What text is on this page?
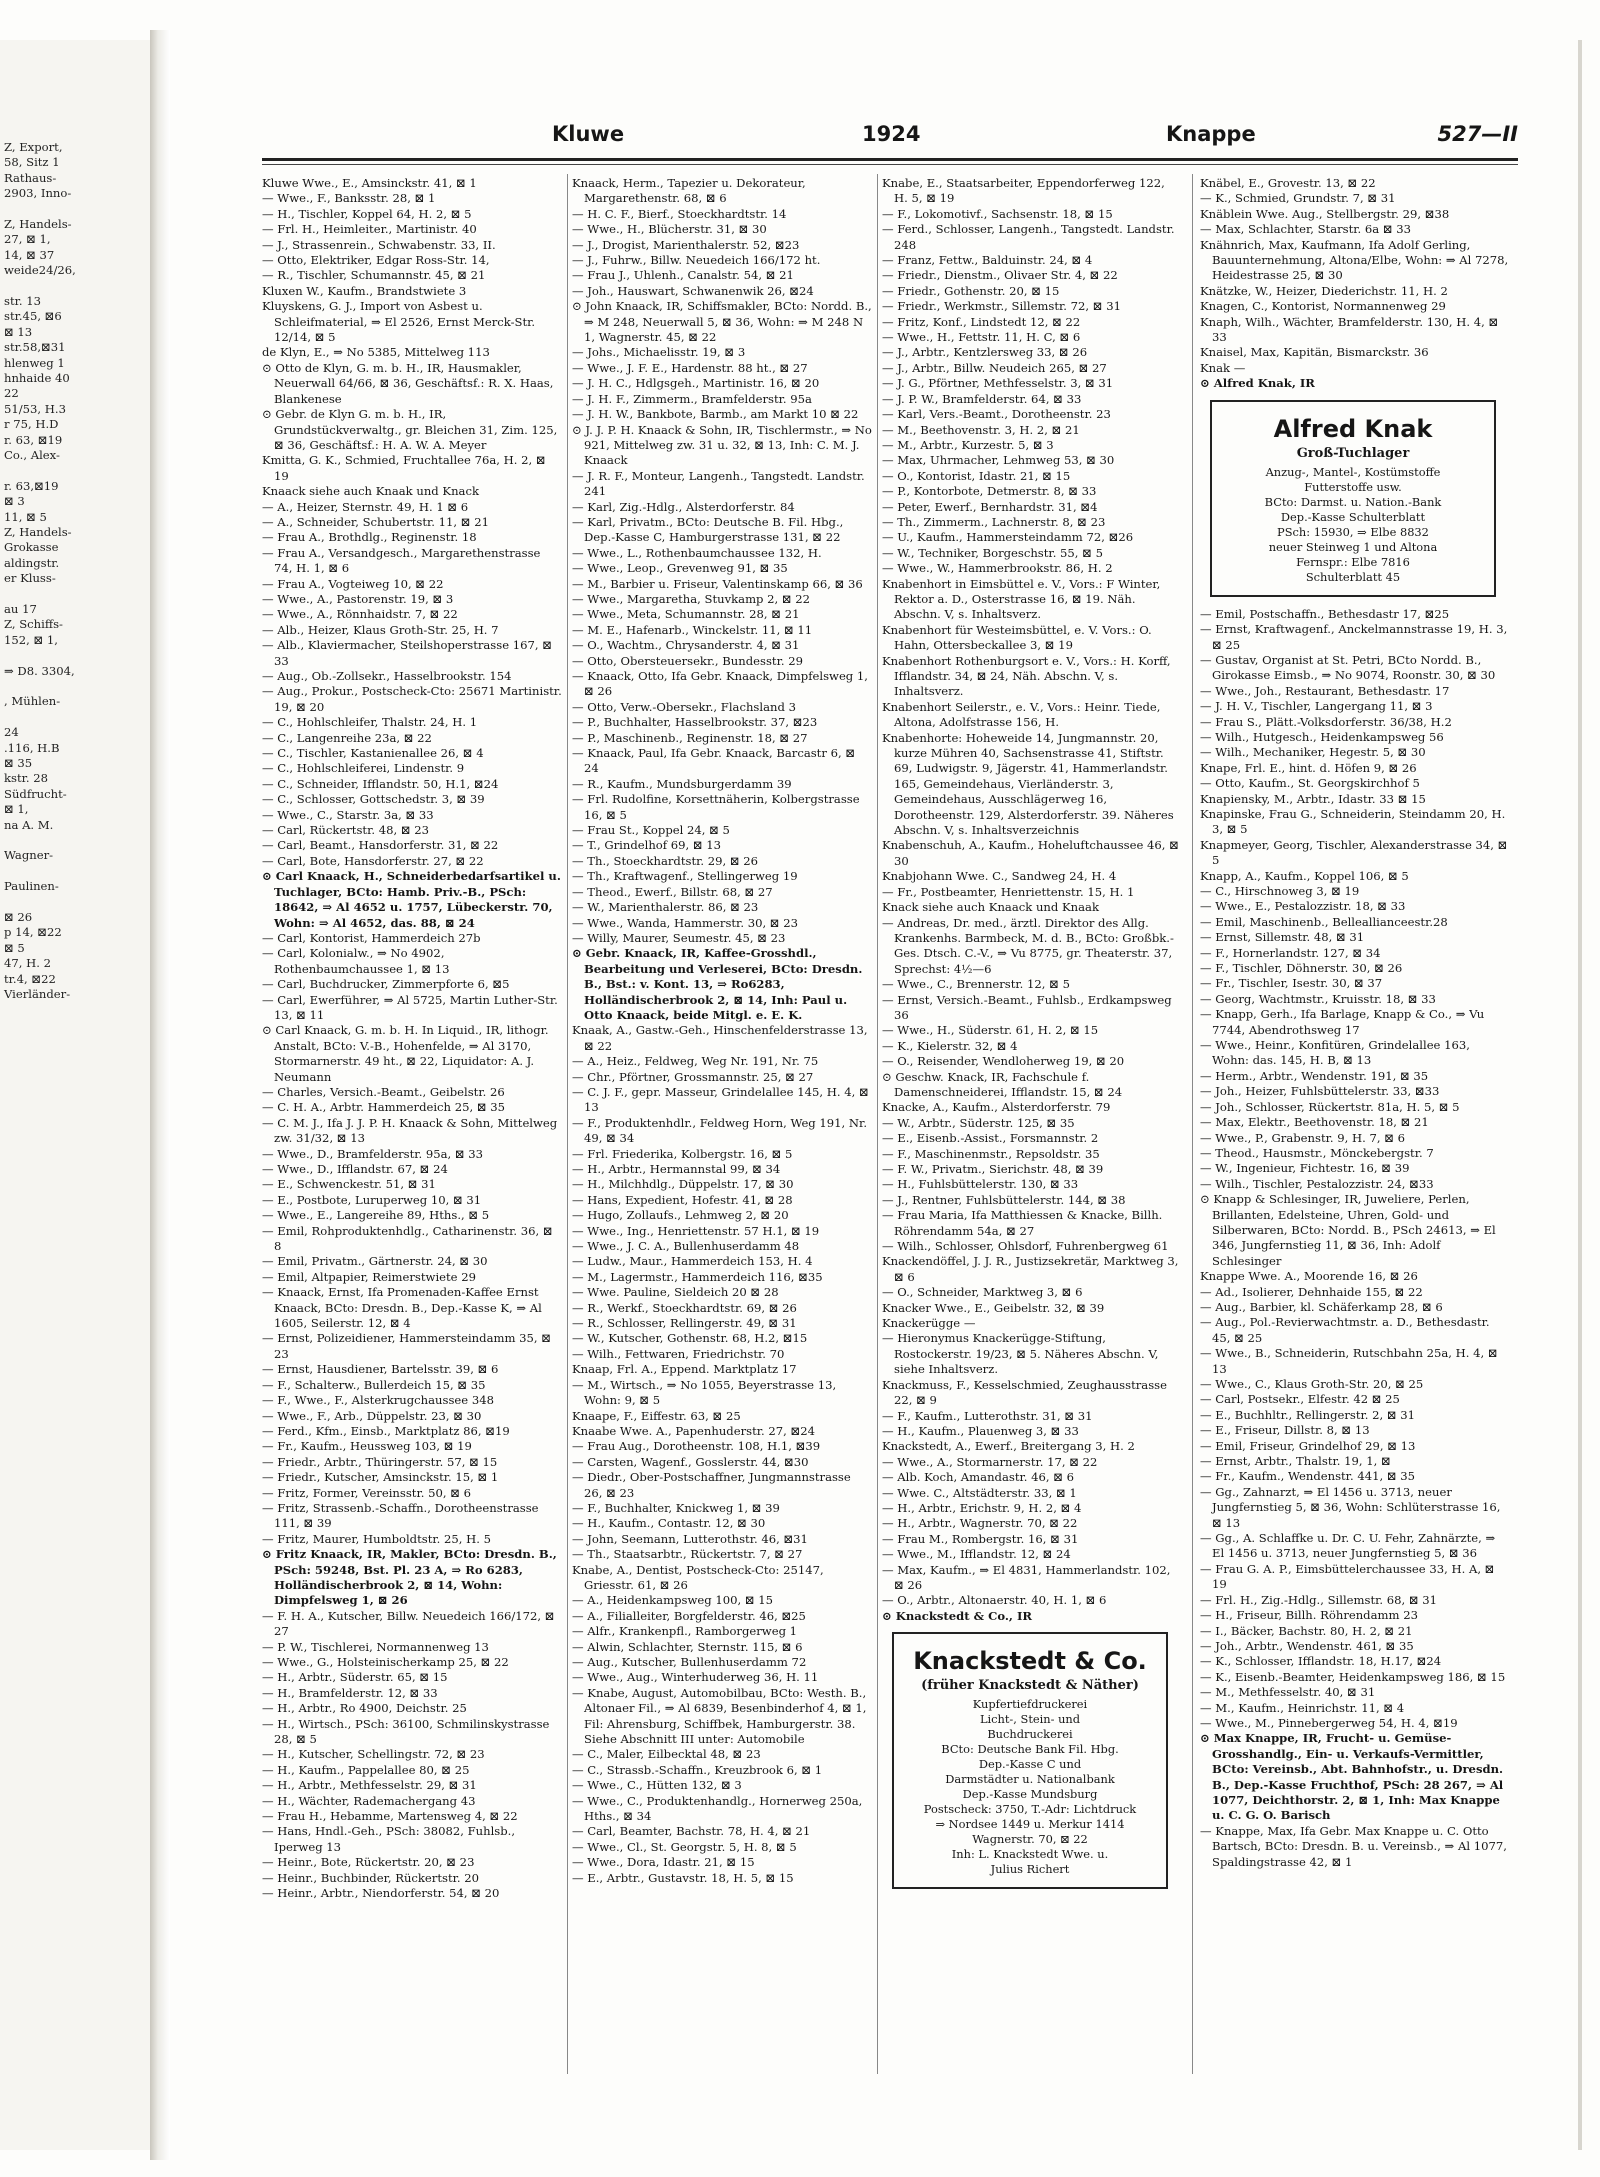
Z, Export,
58, Sitz 1
Rathaus-
2903, Inno-
Z, Handels-
27, ⊠ 1,
14, ⊠ 37
weide24/26,
str. 13
str.45, ⊠6
⊠ 13
str.58,⊠31
hlenweg 1
hnhaide 40
22
51/53, H.3
r 75, H.D
r. 63, ⊠19
Co., Alex-
r. 63,⊠19
⊠ 3
11, ⊠ 5
Z, Handels-
Grokasse
aldingstr.
er Kluss-
au 17
Z, Schiffs-
152, ⊠ 1,
⇒ D8. 3304,
, Mühlen-
24
.116, H.B
⊠ 35
kstr. 28
Südfrucht-
⊠ 1,
na A. M.
Wagner-
Paulinen-
⊠ 26
p 14, ⊠22
⊠ 5
47, H. 2
tr.4, ⊠22
Vierländer-
Kluwe	1924	Knappe	527—II

Kluwe Wwe., E., Amsinckstr. 41, ⊠ 1

— Wwe., F., Banksstr. 28, ⊠ 1

— H., Tischler, Koppel 64, H. 2, ⊠ 5

— Frl. H., Heimleiter., Martinistr. 40

— J., Strassenrein., Schwabenstr. 33, II.

— Otto, Elektriker, Edgar Ross-Str. 14,

— R., Tischler, Schumannstr. 45, ⊠ 21

Kluxen W., Kaufm., Brandstwiete 3

Kluyskens, G. J., Import von Asbest u. Schleifmaterial, ⇒ El 2526, Ernst Merck-Str. 12/14, ⊠ 5

de Klyn, E., ⇒ No 5385, Mittelweg 113

⊙ Otto de Klyn, G. m. b. H., IR, Hausmakler, Neuerwall 64/66, ⊠ 36, Geschäftsf.: R. X. Haas, Blankenese

⊙ Gebr. de Klyn G. m. b. H., IR, Grundstückverwaltg., gr. Bleichen 31, Zim. 125, ⊠ 36, Geschäftsf.: H. A. W. A. Meyer

Kmitta, G. K., Schmied, Fruchtallee 76a, H. 2, ⊠ 19

Knaack siehe auch Knaak und Knack

— A., Heizer, Sternstr. 49, H. 1 ⊠ 6

— A., Schneider, Schubertstr. 11, ⊠ 21

— Frau A., Brothdlg., Reginenstr. 18

— Frau A., Versandgesch., Margarethenstrasse 74, H. 1, ⊠ 6

— Frau A., Vogteiweg 10, ⊠ 22

— Wwe., A., Pastorenstr. 19, ⊠ 3

— Wwe., A., Rönnhaidstr. 7, ⊠ 22

— Alb., Heizer, Klaus Groth-Str. 25, H. 7

— Alb., Klaviermacher, Steilshoperstrasse 167, ⊠ 33

— Aug., Ob.-Zollsekr., Hasselbrookstr. 154

— Aug., Prokur., Postscheck-Cto: 25671 Martinistr. 19, ⊠ 20

— C., Hohlschleifer, Thalstr. 24, H. 1

— C., Langenreihe 23a, ⊠ 22

— C., Tischler, Kastanienallee 26, ⊠ 4

— C., Hohlschleiferei, Lindenstr. 9

— C., Schneider, Ifflandstr. 50, H.1, ⊠24

— C., Schlosser, Gottschedstr. 3, ⊠ 39

— Wwe., C., Starstr. 3a, ⊠ 33

— Carl, Rückertstr. 48, ⊠ 23

— Carl, Beamt., Hansdorferstr. 31, ⊠ 22

— Carl, Bote, Hansdorferstr. 27, ⊠ 22

⊙ Carl Knaack, H., Schneiderbedarfsartikel u. Tuchlager, BCto: Hamb. Priv.-B., PSch: 18642, ⇒ Al 4652 u. 1757, Lübeckerstr. 70, Wohn: ⇒ Al 4652, das. 88, ⊠ 24

— Carl, Kontorist, Hammerdeich 27b

— Carl, Kolonialw., ⇒ No 4902, Rothenbaumchaussee 1, ⊠ 13

— Carl, Buchdrucker, Zimmerpforte 6, ⊠5

— Carl, Ewerführer, ⇒ Al 5725, Martin Luther-Str. 13, ⊠ 11

⊙ Carl Knaack, G. m. b. H. In Liquid., IR, lithogr. Anstalt, BCto: V.-B., Hohenfelde, ⇒ Al 3170, Stormarnerstr. 49 ht., ⊠ 22, Liquidator: A. J. Neumann

— Charles, Versich.-Beamt., Geibelstr. 26

— C. H. A., Arbtr. Hammerdeich 25, ⊠ 35

— C. M. J., Ifa J. J. P. H. Knaack & Sohn, Mittelweg zw. 31/32, ⊠ 13

— Wwe., D., Bramfelderstr. 95a, ⊠ 33

— Wwe., D., Ifflandstr. 67, ⊠ 24

— E., Schwenckestr. 51, ⊠ 31

— E., Postbote, Luruperweg 10, ⊠ 31

— Wwe., E., Langereihe 89, Hths., ⊠ 5

— Emil, Rohproduktenhdlg., Catharinenstr. 36, ⊠ 8

— Emil, Privatm., Gärtnerstr. 24, ⊠ 30

— Emil, Altpapier, Reimerstwiete 29

— Knaack, Ernst, Ifa Promenaden-Kaffee Ernst Knaack, BCto: Dresdn. B., Dep.-Kasse K, ⇒ Al 1605, Seilerstr. 12, ⊠ 4

— Ernst, Polizeidiener, Hammersteindamm 35, ⊠ 23

— Ernst, Hausdiener, Bartelsstr. 39, ⊠ 6

— F., Schalterw., Bullerdeich 15, ⊠ 35

— F., Wwe., F., Alsterkrugchaussee 348

— Wwe., F., Arb., Düppelstr. 23, ⊠ 30

— Ferd., Kfm., Einsb., Marktplatz 86, ⊠19

— Fr., Kaufm., Heussweg 103, ⊠ 19

— Friedr., Arbtr., Thüringerstr. 57, ⊠ 15

— Friedr., Kutscher, Amsinckstr. 15, ⊠ 1

— Fritz, Former, Vereinsstr. 50, ⊠ 6

— Fritz, Strassenb.-Schaffn., Dorotheenstrasse 111, ⊠ 39

— Fritz, Maurer, Humboldtstr. 25, H. 5

⊙ Fritz Knaack, IR, Makler, BCto: Dresdn. B., PSch: 59248, Bst. Pl. 23 A, ⇒ Ro 6283, Holländischerbrook 2, ⊠ 14, Wohn: Dimpfelsweg 1, ⊠ 26

— F. H. A., Kutscher, Billw. Neuedeich 166/172, ⊠ 27

— P. W., Tischlerei, Normannenweg 13

— Wwe., G., Holsteinischerkamp 25, ⊠ 22

— H., Arbtr., Süderstr. 65, ⊠ 15

— H., Bramfelderstr. 12, ⊠ 33

— H., Arbtr., Ro 4900, Deichstr. 25

— H., Wirtsch., PSch: 36100, Schmilinskystrasse 28, ⊠ 5

— H., Kutscher, Schellingstr. 72, ⊠ 23

— H., Kaufm., Pappelallee 80, ⊠ 25

— H., Arbtr., Methfesselstr. 29, ⊠ 31

— H., Wächter, Rademachergang 43

— Frau H., Hebamme, Martensweg 4, ⊠ 22

— Hans, Hndl.-Geh., PSch: 38082, Fuhlsb., Iperweg 13

— Heinr., Bote, Rückertstr. 20, ⊠ 23

— Heinr., Buchbinder, Rückertstr. 20

— Heinr., Arbtr., Niendorferstr. 54, ⊠ 20

Knaack, Herm., Tapezier u. Dekorateur, Margarethenstr. 68, ⊠ 6

— H. C. F., Bierf., Stoeckhardtstr. 14

— Wwe., H., Blücherstr. 31, ⊠ 30

— J., Drogist, Marienthalerstr. 52, ⊠23

— J., Fuhrw., Billw. Neuedeich 166/172 ht.

— Frau J., Uhlenh., Canalstr. 54, ⊠ 21

— Joh., Hauswart, Schwanenwik 26, ⊠24

⊙ John Knaack, IR, Schiffsmakler, BCto: Nordd. B., ⇒ M 248, Neuerwall 5, ⊠ 36, Wohn: ⇒ M 248 N 1, Wagnerstr. 45, ⊠ 22

— Johs., Michaelisstr. 19, ⊠ 3

— Wwe., J. F. E., Hardenstr. 88 ht., ⊠ 27

— J. H. C., Hdlgsgeh., Martinistr. 16, ⊠ 20

— J. H. F., Zimmerm., Bramfelderstr. 95a

— J. H. W., Bankbote, Barmb., am Markt 10 ⊠ 22

⊙ J. J. P. H. Knaack & Sohn, IR, Tischlermstr., ⇒ No 921, Mittelweg zw. 31 u. 32, ⊠ 13, Inh: C. M. J. Knaack

— J. R. F., Monteur, Langenh., Tangstedt. Landstr. 241

— Karl, Zig.-Hdlg., Alsterdorferstr. 84

— Karl, Privatm., BCto: Deutsche B. Fil. Hbg., Dep.-Kasse C, Hamburgerstrasse 131, ⊠ 22

— Wwe., L., Rothenbaumchaussee 132, H.

— Wwe., Leop., Grevenweg 91, ⊠ 35

— M., Barbier u. Friseur, Valentinskamp 66, ⊠ 36

— Wwe., Margaretha, Stuvkamp 2, ⊠ 22

— Wwe., Meta, Schumannstr. 28, ⊠ 21

— M. E., Hafenarb., Winckelstr. 11, ⊠ 11

— O., Wachtm., Chrysanderstr. 4, ⊠ 31

— Otto, Obersteuersekr., Bundesstr. 29

— Knaack, Otto, Ifa Gebr. Knaack, Dimpfelsweg 1, ⊠ 26

— Otto, Verw.-Obersekr., Flachsland 3

— P., Buchhalter, Hasselbrookstr. 37, ⊠23

— P., Maschinenb., Reginenstr. 18, ⊠ 27

— Knaack, Paul, Ifa Gebr. Knaack, Barcastr 6, ⊠ 24

— R., Kaufm., Mundsburgerdamm 39

— Frl. Rudolfine, Korsettnäherin, Kolbergstrasse 16, ⊠ 5

— Frau St., Koppel 24, ⊠ 5

— T., Grindelhof 69, ⊠ 13

— Th., Stoeckhardtstr. 29, ⊠ 26

— Th., Kraftwagenf., Stellingerweg 19

— Theod., Ewerf., Billstr. 68, ⊠ 27

— W., Marienthalerstr. 86, ⊠ 23

— Wwe., Wanda, Hammerstr. 30, ⊠ 23

— Willy, Maurer, Seumestr. 45, ⊠ 23

⊙ Gebr. Knaack, IR, Kaffee-Grosshdl., Bearbeitung und Verleserei, BCto: Dresdn. B., Bst.: v. Kont. 13, ⇒ Ro6283, Holländischerbrook 2, ⊠ 14, Inh: Paul u. Otto Knaack, beide Mitgl. e. E. K.

Knaak, A., Gastw.-Geh., Hinschenfelderstrasse 13, ⊠ 22

— A., Heiz., Feldweg, Weg Nr. 191, Nr. 75

— Chr., Pförtner, Grossmannstr. 25, ⊠ 27

— C. J. F., gepr. Masseur, Grindelallee 145, H. 4, ⊠ 13

— F., Produktenhdlr., Feldweg Horn, Weg 191, Nr. 49, ⊠ 34

— Frl. Friederika, Kolbergstr. 16, ⊠ 5

— H., Arbtr., Hermannstal 99, ⊠ 34

— H., Milchhdlg., Düppelstr. 17, ⊠ 30

— Hans, Expedient, Hofestr. 41, ⊠ 28

— Hugo, Zollaufs., Lehmweg 2, ⊠ 20

— Wwe., Ing., Henriettenstr. 57 H.1, ⊠ 19

— Wwe., J. C. A., Bullenhuserdamm 48

— Ludw., Maur., Hammerdeich 153, H. 4

— M., Lagermstr., Hammerdeich 116, ⊠35

— Wwe. Pauline, Sieldeich 20 ⊠ 28

— R., Werkf., Stoeckhardtstr. 69, ⊠ 26

— R., Schlosser, Rellingerstr. 49, ⊠ 31

— W., Kutscher, Gothenstr. 68, H.2, ⊠15

— Wilh., Fettwaren, Friedrichstr. 70

Knaap, Frl. A., Eppend. Marktplatz 17

— M., Wirtsch., ⇒ No 1055, Beyerstrasse 13, Wohn: 9, ⊠ 5

Knaape, F., Eiffestr. 63, ⊠ 25

Knaabe Wwe. A., Papenhuderstr. 27, ⊠24

— Frau Aug., Dorotheenstr. 108, H.1, ⊠39

— Carsten, Wagenf., Gosslerstr. 44, ⊠30

— Diedr., Ober-Postschaffner, Jungmannstrasse 26, ⊠ 23

— F., Buchhalter, Knickweg 1, ⊠ 39

— H., Kaufm., Contastr. 12, ⊠ 30

— John, Seemann, Lutterothstr. 46, ⊠31

— Th., Staatsarbtr., Rückertstr. 7, ⊠ 27

Knabe, A., Dentist, Postscheck-Cto: 25147, Griesstr. 61, ⊠ 26

— A., Heidenkampsweg 100, ⊠ 15

— A., Filialleiter, Borgfelderstr. 46, ⊠25

— Alfr., Krankenpfl., Ramborgerweg 1

— Alwin, Schlachter, Sternstr. 115, ⊠ 6

— Aug., Kutscher, Bullenhuserdamm 72

— Wwe., Aug., Winterhuderweg 36, H. 11

— Knabe, August, Automobilbau, BCto: Westh. B., Altonaer Fil., ⇒ Al 6839, Besenbinderhof 4, ⊠ 1, Fil: Ahrensburg, Schiffbek, Hamburgerstr. 38. Siehe Abschnitt III unter: Automobile

— C., Maler, Eilbecktal 48, ⊠ 23

— C., Strassb.-Schaffn., Kreuzbrook 6, ⊠ 1

— Wwe., C., Hütten 132, ⊠ 3

— Wwe., C., Produktenhandlg., Hornerweg 250a, Hths., ⊠ 34

— Carl, Beamter, Bachstr. 78, H. 4, ⊠ 21

— Wwe., Cl., St. Georgstr. 5, H. 8, ⊠ 5

— Wwe., Dora, Idastr. 21, ⊠ 15

— E., Arbtr., Gustavstr. 18, H. 5, ⊠ 15

Knabe, E., Staatsarbeiter, Eppendorferweg 122, H. 5, ⊠ 19

— F., Lokomotivf., Sachsenstr. 18, ⊠ 15

— Ferd., Schlosser, Langenh., Tangstedt. Landstr. 248

— Franz, Fettw., Balduinstr. 24, ⊠ 4

— Friedr., Dienstm., Olivaer Str. 4, ⊠ 22

— Friedr., Gothenstr. 20, ⊠ 15

— Friedr., Werkmstr., Sillemstr. 72, ⊠ 31

— Fritz, Konf., Lindstedt 12, ⊠ 22

— Wwe., H., Fettstr. 11, H. C, ⊠ 6

— J., Arbtr., Kentzlersweg 33, ⊠ 26

— J., Arbtr., Billw. Neudeich 265, ⊠ 27

— J. G., Pförtner, Methfesselstr. 3, ⊠ 31

— J. P. W., Bramfelderstr. 64, ⊠ 33

— Karl, Vers.-Beamt., Dorotheenstr. 23

— M., Beethovenstr. 3, H. 2, ⊠ 21

— M., Arbtr., Kurzestr. 5, ⊠ 3

— Max, Uhrmacher, Lehmweg 53, ⊠ 30

— O., Kontorist, Idastr. 21, ⊠ 15

— P., Kontorbote, Detmerstr. 8, ⊠ 33

— Peter, Ewerf., Bernhardstr. 31, ⊠4

— Th., Zimmerm., Lachnerstr. 8, ⊠ 23

— U., Kaufm., Hammersteindamm 72, ⊠26

— W., Techniker, Borgeschstr. 55, ⊠ 5

— Wwe., W., Hammerbrookstr. 86, H. 2

Knabenhort in Eimsbüttel e. V., Vors.: F Winter, Rektor a. D., Osterstrasse 16, ⊠ 19. Näh. Abschn. V, s. Inhaltsverz.

Knabenhort für Westeimsbüttel, e. V. Vors.: O. Hahn, Ottersbeckallee 3, ⊠ 19

Knabenhort Rothenburgsort e. V., Vors.: H. Korff, Ifflandstr. 34, ⊠ 24, Näh. Abschn. V, s. Inhaltsverz.

Knabenhort Seilerstr., e. V., Vors.: Heinr. Tiede, Altona, Adolfstrasse 156, H.

Knabenhorte: Hoheweide 14, Jungmannstr. 20, kurze Mühren 40, Sachsenstrasse 41, Stiftstr. 69, Ludwigstr. 9, Jägerstr. 41, Hammerlandstr. 165, Gemeindehaus, Vierländerstr. 3, Gemeindehaus, Ausschlägerweg 16, Dorotheenstr. 129, Alsterdorferstr. 39. Näheres Abschn. V, s. Inhaltsverzeichnis

Knabenschuh, A., Kaufm., Hoheluftchaussee 46, ⊠ 30

Knabjohann Wwe. C., Sandweg 24, H. 4

— Fr., Postbeamter, Henriettenstr. 15, H. 1

Knack siehe auch Knaack und Knaak

— Andreas, Dr. med., ärztl. Direktor des Allg. Krankenhs. Barmbeck, M. d. B., BCto: Großbk.-Ges. Dtsch. C.-V., ⇒ Vu 8775, gr. Theaterstr. 37, Sprechst: 4½—6

— Wwe., C., Brennerstr. 12, ⊠ 5

— Ernst, Versich.-Beamt., Fuhlsb., Erdkampsweg 36

— Wwe., H., Süderstr. 61, H. 2, ⊠ 15

— K., Kielerstr. 32, ⊠ 4

— O., Reisender, Wendloherweg 19, ⊠ 20

⊙ Geschw. Knack, IR, Fachschule f. Damenschneiderei, Ifflandstr. 15, ⊠ 24

Knacke, A., Kaufm., Alsterdorferstr. 79

— W., Arbtr., Süderstr. 125, ⊠ 35

— E., Eisenb.-Assist., Forsmannstr. 2

— F., Maschinenmstr., Repsoldstr. 35

— F. W., Privatm., Sierichstr. 48, ⊠ 39

— H., Fuhlsbüttelerstr. 130, ⊠ 33

— J., Rentner, Fuhlsbüttelerstr. 144, ⊠ 38

— Frau Maria, Ifa Matthiessen & Knacke, Billh. Röhrendamm 54a, ⊠ 27

— Wilh., Schlosser, Ohlsdorf, Fuhrenbergweg 61

Knackendöffel, J. J. R., Justizsekretär, Marktweg 3, ⊠ 6

— O., Schneider, Marktweg 3, ⊠ 6

Knacker Wwe., E., Geibelstr. 32, ⊠ 39

Knackerügge —

— Hieronymus Knackerügge-Stiftung, Rostockerstr. 19/23, ⊠ 5. Näheres Abschn. V, siehe Inhaltsverz.

Knackmuss, F., Kesselschmied, Zeughausstrasse 22, ⊠ 9

— F., Kaufm., Lutterothstr. 31, ⊠ 31

— H., Kaufm., Plauenweg 3, ⊠ 33

Knackstedt, A., Ewerf., Breitergang 3, H. 2

— Wwe., A., Stormarnerstr. 17, ⊠ 22

— Alb. Koch, Amandastr. 46, ⊠ 6

— Wwe. C., Altstädterstr. 33, ⊠ 1

— H., Arbtr., Erichstr. 9, H. 2, ⊠ 4

— H., Arbtr., Wagnerstr. 70, ⊠ 22

— Frau M., Rombergstr. 16, ⊠ 31

— Wwe., M., Ifflandstr. 12, ⊠ 24

— Max, Kaufm., ⇒ El 4831, Hammerlandstr. 102, ⊠ 26

— O., Arbtr., Altonaerstr. 40, H. 1, ⊠ 6

⊙ Knackstedt & Co., IR

Knackstedt & Co.
(früher Knackstedt & Näther)

Kupfertiefdruckerei

Licht-, Stein- und

Buchdruckerei

BCto: Deutsche Bank Fil. Hbg.

Dep.-Kasse C und

Darmstädter u. Nationalbank

Dep.-Kasse Mundsburg

Postscheck: 3750, T.-Adr: Lichtdruck

⇒ Nordsee 1449 u. Merkur 1414

Wagnerstr. 70, ⊠ 22

Inh: L. Knackstedt Wwe. u.

Julius Richert

Knäbel, E., Grovestr. 13, ⊠ 22

— K., Schmied, Grundstr. 7, ⊠ 31

Knäblein Wwe. Aug., Stellbergstr. 29, ⊠38

— Max, Schlachter, Starstr. 6a ⊠ 33

Knähnrich, Max, Kaufmann, Ifa Adolf Gerling, Bauunternehmung, Altona/Elbe, Wohn: ⇒ Al 7278, Heidestrasse 25, ⊠ 30

Knätzke, W., Heizer, Diederichstr. 11, H. 2

Knagen, C., Kontorist, Normannenweg 29

Knaph, Wilh., Wächter, Bramfelderstr. 130, H. 4, ⊠ 33

Knaisel, Max, Kapitän, Bismarckstr. 36

Knak —

⊙ Alfred Knak, IR

Alfred Knak
Groß-Tuchlager

Anzug-, Mantel-, Kostümstoffe

Futterstoffe usw.

BCto: Darmst. u. Nation.-Bank

Dep.-Kasse Schulterblatt

PSch: 15930, ⇒ Elbe 8832

neuer Steinweg 1 und Altona

Fernspr.: Elbe 7816

Schulterblatt 45

— Emil, Postschaffn., Bethesdastr 17, ⊠25

— Ernst, Kraftwagenf., Anckelmannstrasse 19, H. 3, ⊠ 25

— Gustav, Organist at St. Petri, BCto Nordd. B., Girokasse Eimsb., ⇒ No 9074, Roonstr. 30, ⊠ 30

— Wwe., Joh., Restaurant, Bethesdastr. 17

— J. H. V., Tischler, Langergang 11, ⊠ 3

— Frau S., Plätt.-Volksdorferstr. 36/38, H.2

— Wilh., Hutgesch., Heidenkampsweg 56

— Wilh., Mechaniker, Hegestr. 5, ⊠ 30

Knape, Frl. E., hint. d. Höfen 9, ⊠ 26

— Otto, Kaufm., St. Georgskirchhof 5

Knapiensky, M., Arbtr., Idastr. 33 ⊠ 15

Knapinske, Frau G., Schneiderin, Steindamm 20, H. 3, ⊠ 5

Knapmeyer, Georg, Tischler, Alexanderstrasse 34, ⊠ 5

Knapp, A., Kaufm., Koppel 106, ⊠ 5

— C., Hirschnoweg 3, ⊠ 19

— Wwe., E., Pestalozzistr. 18, ⊠ 33

— Emil, Maschinenb., Belleallianceestr.28

— Ernst, Sillemstr. 48, ⊠ 31

— F., Hornerlandstr. 127, ⊠ 34

— F., Tischler, Döhnerstr. 30, ⊠ 26

— Fr., Tischler, Isestr. 30, ⊠ 37

— Georg, Wachtmstr., Kruisstr. 18, ⊠ 33

— Knapp, Gerh., Ifa Barlage, Knapp & Co., ⇒ Vu 7744, Abendrothsweg 17

— Wwe., Heinr., Konfitüren, Grindelallee 163, Wohn: das. 145, H. B, ⊠ 13

— Herm., Arbtr., Wendenstr. 191, ⊠ 35

— Joh., Heizer, Fuhlsbüttelerstr. 33, ⊠33

— Joh., Schlosser, Rückertstr. 81a, H. 5, ⊠ 5

— Max, Elektr., Beethovenstr. 18, ⊠ 21

— Wwe., P., Grabenstr. 9, H. 7, ⊠ 6

— Theod., Hausmstr., Mönckebergstr. 7

— W., Ingenieur, Fichtestr. 16, ⊠ 39

— Wilh., Tischler, Pestalozzistr. 24, ⊠33

⊙ Knapp & Schlesinger, IR, Juweliere, Perlen, Brillanten, Edelsteine, Uhren, Gold- und Silberwaren, BCto: Nordd. B., PSch 24613, ⇒ El 346, Jungfernstieg 11, ⊠ 36, Inh: Adolf Schlesinger

Knappe Wwe. A., Moorende 16, ⊠ 26

— Ad., Isolierer, Dehnhaide 155, ⊠ 22

— Aug., Barbier, kl. Schäferkamp 28, ⊠ 6

— Aug., Pol.-Revierwachtmstr. a. D., Bethesdastr. 45, ⊠ 25

— Wwe., B., Schneiderin, Rutschbahn 25a, H. 4, ⊠ 13

— Wwe., C., Klaus Groth-Str. 20, ⊠ 25

— Carl, Postsekr., Elfestr. 42 ⊠ 25

— E., Buchhltr., Rellingerstr. 2, ⊠ 31

— E., Friseur, Dillstr. 8, ⊠ 13

— Emil, Friseur, Grindelhof 29, ⊠ 13

— Ernst, Arbtr., Thalstr. 19, 1, ⊠

— Fr., Kaufm., Wendenstr. 441, ⊠ 35

— Gg., Zahnarzt, ⇒ El 1456 u. 3713, neuer Jungfernstieg 5, ⊠ 36, Wohn: Schlüterstrasse 16, ⊠ 13

— Gg., A. Schlaffke u. Dr. C. U. Fehr, Zahnärzte, ⇒ El 1456 u. 3713, neuer Jungfernstieg 5, ⊠ 36

— Frau G. A. P., Eimsbüttelerchaussee 33, H. A, ⊠ 19

— Frl. H., Zig.-Hdlg., Sillemstr. 68, ⊠ 31

— H., Friseur, Billh. Röhrendamm 23

— I., Bäcker, Bachstr. 80, H. 2, ⊠ 21

— Joh., Arbtr., Wendenstr. 461, ⊠ 35

— K., Schlosser, Ifflandstr. 18, H.17, ⊠24

— K., Eisenb.-Beamter, Heidenkampsweg 186, ⊠ 15

— M., Methfesselstr. 40, ⊠ 31

— M., Kaufm., Heinrichstr. 11, ⊠ 4

— Wwe., M., Pinnebergerweg 54, H. 4, ⊠19

⊙ Max Knappe, IR, Frucht- u. Gemüse-Grosshandlg., Ein- u. Verkaufs-Vermittler, BCto: Vereinsb., Abt. Bahnhofstr., u. Dresdn. B., Dep.-Kasse Fruchthof, PSch: 28 267, ⇒ Al 1077, Deichthorstr. 2, ⊠ 1, Inh: Max Knappe u. C. G. O. Barisch

— Knappe, Max, Ifa Gebr. Max Knappe u. C. Otto Bartsch, BCto: Dresdn. B. u. Vereinsb., ⇒ Al 1077, Spaldingstrasse 42, ⊠ 1
